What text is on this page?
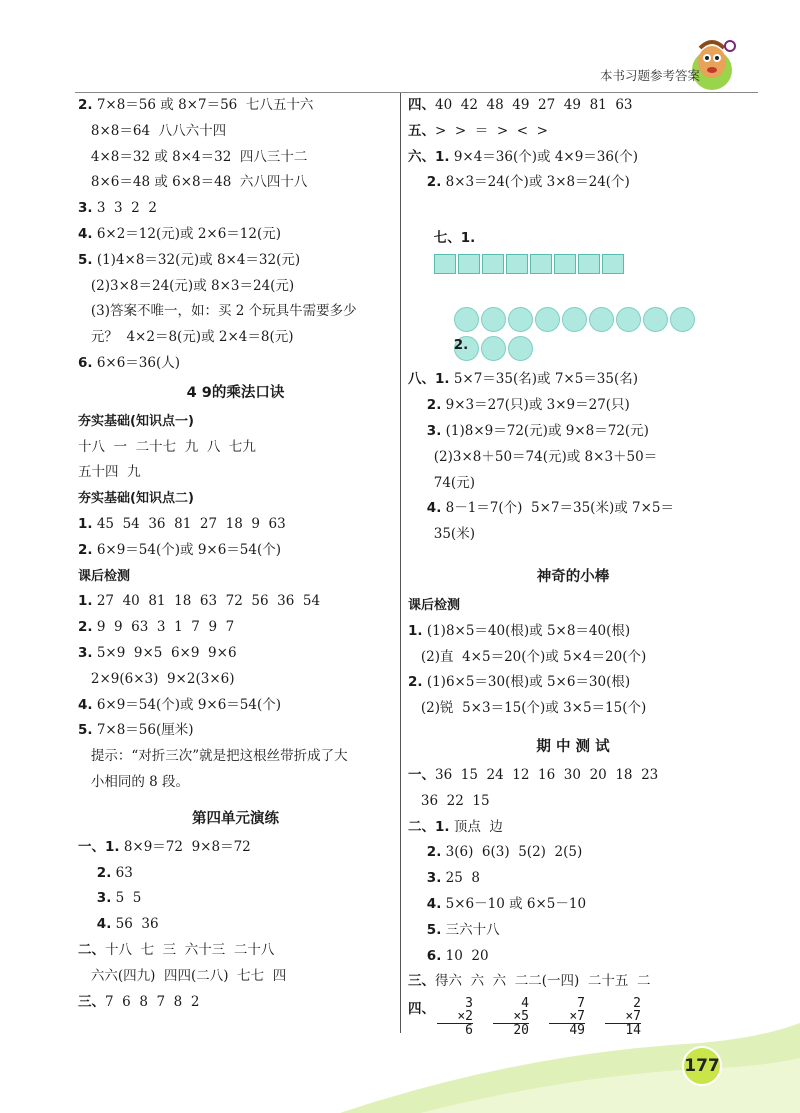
本书习题参考答案
2. 7×8＝56 或 8×7＝56  七八五十六
8×8＝64  八八六十四
4×8＝32 或 8×4＝32  四八三十二
8×6＝48 或 6×8＝48  六八四十八
3. 3  3  2  2
4. 6×2＝12(元)或 2×6＝12(元)
5. (1)4×8＝32(元)或 8×4＝32(元)
(2)3×8＝24(元)或 8×3＝24(元)
(3)答案不唯一，如：买 2 个玩具牛需要多少
元？  4×2＝8(元)或 2×4＝8(元)
6. 6×6＝36(人)
4 9的乘法口诀
夯实基础(知识点一)
十八  一  二十七  九  八  七九
五十四  九
夯实基础(知识点二)
1. 45  54  36  81  27  18  9  63
2. 6×9＝54(个)或 9×6＝54(个)
课后检测
1. 27  40  81  18  63  72  56  36  54
2. 9  9  63  3  1  7  9  7
3. 5×9  9×5  6×9  9×6
2×9(6×3)  9×2(3×6)
4. 6×9＝54(个)或 9×6＝54(个)
5. 7×8＝56(厘米)
提示：“对折三次”就是把这根丝带折成了大
小相同的 8 段。
第四单元演练
一、1. 8×9＝72  9×8＝72
2. 63
3. 5  5
4. 56  36
二、十八  七  三  六十三  二十八
六六(四九)  四四(二八)  七七  四
三、7  6  8  7  8  2
四、40  42  48  49  27  49  81  63
五、>  >  ＝  >  <  >
六、1. 9×4＝36(个)或 4×9＝36(个)
2. 8×3＝24(个)或 3×8＝24(个)

七、1.

2.

八、1. 5×7＝35(名)或 7×5＝35(名)
2. 9×3＝27(只)或 3×9＝27(只)
3. (1)8×9＝72(元)或 9×8＝72(元)
(2)3×8＋50＝74(元)或 8×3＋50＝
74(元)
4. 8－1＝7(个)  5×7＝35(米)或 7×5＝
35(米)
神奇的小棒
课后检测
1. (1)8×5＝40(根)或 5×8＝40(根)
(2)直  4×5＝20(个)或 5×4＝20(个)
2. (1)6×5＝30(根)或 5×6＝30(根)
(2)锐  5×3＝15(个)或 3×5＝15(个)
期 中 测 试
一、36  15  24  12  16  30  20  18  23
36  22  15
二、1. 顶点  边
2. 3(6)  6(3)  5(2)  2(5)
3. 25  8
4. 5×6－10 或 6×5－10
5. 三六十八
6. 10  20
三、得六  六  六  二二(一四)  二十五  二
四、	3
×2
6
4
×5
20
7
×7
49
2
×7
14
177
